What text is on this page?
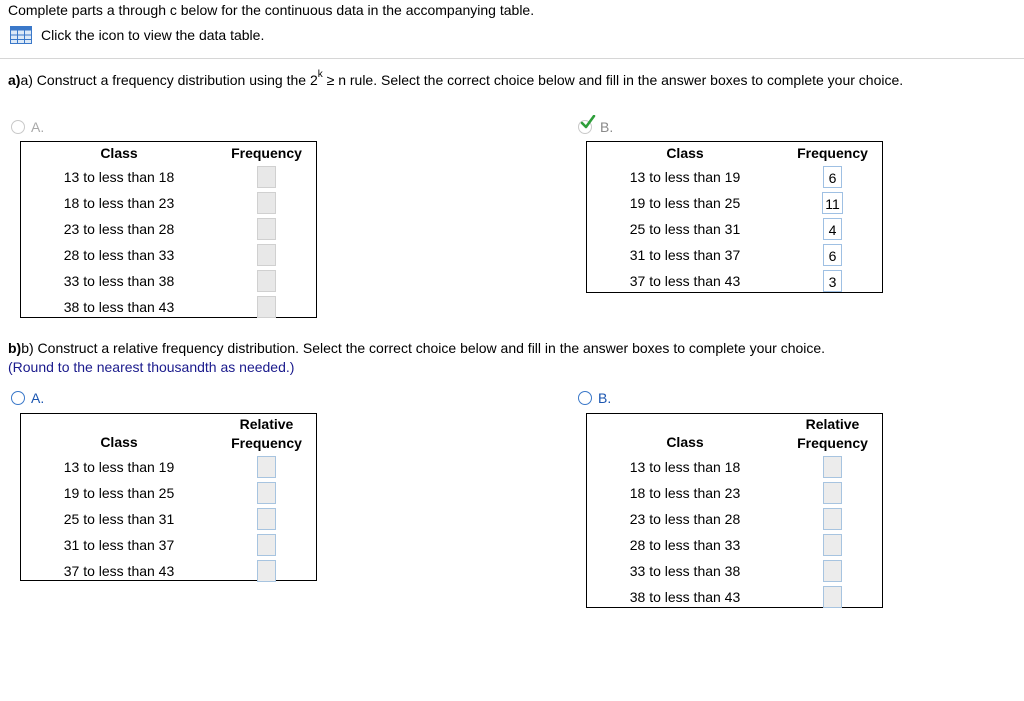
Complete parts a through c below for the continuous data in the accompanying table.
Click the icon to view the data table.
a)a) Construct a frequency distribution using the $2^k \ge n$ rule. Select the correct choice below and fill in the answer boxes to complete your choice.
A.
Class	Frequency
13 to less than 18	
18 to less than 23	
23 to less than 28	
28 to less than 33	
33 to less than 38	
38 to less than 43	
B.
Class	Frequency
13 to less than 19	6
19 to less than 25	11
25 to less than 31	4
31 to less than 37	6
37 to less than 43	3
b)b) Construct a relative frequency distribution. Select the correct choice below and fill in the answer boxes to complete your choice.
(Round to the nearest thousandth as needed.)
A.
Class	Relative
Frequency

13 to less than 19	
19 to less than 25	
25 to less than 31	
31 to less than 37	
37 to less than 43	
B.
Class	Relative
Frequency

13 to less than 18	
18 to less than 23	
23 to less than 28	
28 to less than 33	
33 to less than 38	
38 to less than 43	
